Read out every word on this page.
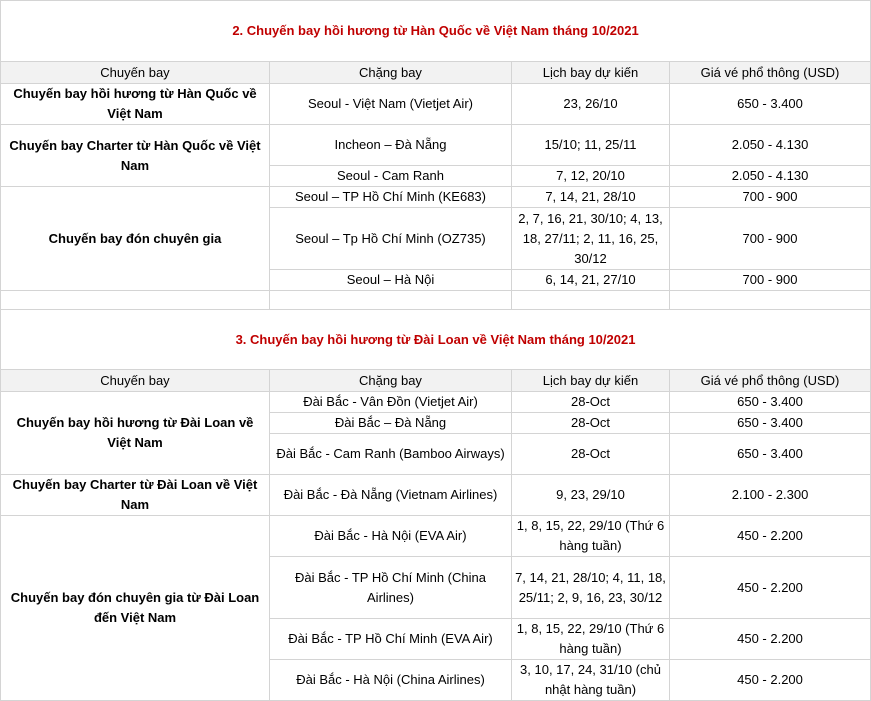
2. Chuyến bay hồi hương từ Hàn Quốc về Việt Nam tháng 10/2021			
Chuyến bay	Chặng bay	Lịch bay dự kiến	Giá vé phổ thông (USD)
Chuyến bay hồi hương từ Hàn Quốc về Việt Nam	Seoul - Việt Nam (Vietjet Air)	23, 26/10	650 - 3.400
Chuyến bay Charter từ Hàn Quốc về Việt Nam	Incheon – Đà Nẵng	15/10; 11, 25/11	2.050 - 4.130
	Seoul - Cam Ranh	7, 12, 20/10	2.050 - 4.130
Chuyến bay đón chuyên gia	Seoul – TP Hồ Chí Minh (KE683)	7, 14, 21, 28/10	700 - 900
	Seoul – Tp Hồ Chí Minh (OZ735)	2, 7, 16, 21, 30/10; 4, 13, 18, 27/11; 2, 11, 16, 25, 30/12	700 - 900
	Seoul – Hà Nội	6, 14, 21, 27/10	700 - 900

3. Chuyến bay hồi hương từ Đài Loan về Việt Nam tháng 10/2021			
Chuyến bay	Chặng bay	Lịch bay dự kiến	Giá vé phổ thông (USD)
Chuyến bay hồi hương từ Đài Loan về Việt Nam	Đài Bắc - Vân Đồn (Vietjet Air)	28-Oct	650 - 3.400
	Đài Bắc – Đà Nẵng	28-Oct	650 - 3.400
	Đài Bắc - Cam Ranh (Bamboo Airways)	28-Oct	650 - 3.400
Chuyến bay Charter từ Đài Loan về Việt Nam	Đài Bắc - Đà Nẵng (Vietnam Airlines)	9, 23, 29/10	2.100 - 2.300
Chuyến bay đón chuyên gia từ Đài Loan đến Việt Nam	Đài Bắc - Hà Nội (EVA Air)	1, 8, 15, 22, 29/10 (Thứ 6 hàng tuần)	450 - 2.200
	Đài Bắc - TP Hồ Chí Minh (China Airlines)	7, 14, 21, 28/10; 4, 11, 18, 25/11; 2, 9, 16, 23, 30/12	450 - 2.200
	Đài Bắc - TP Hồ Chí Minh (EVA Air)	1, 8, 15, 22, 29/10 (Thứ 6 hàng tuần)	450 - 2.200
	Đài Bắc - Hà Nội (China Airlines)	3, 10, 17, 24, 31/10 (chủ nhật hàng tuần)	450 - 2.200
